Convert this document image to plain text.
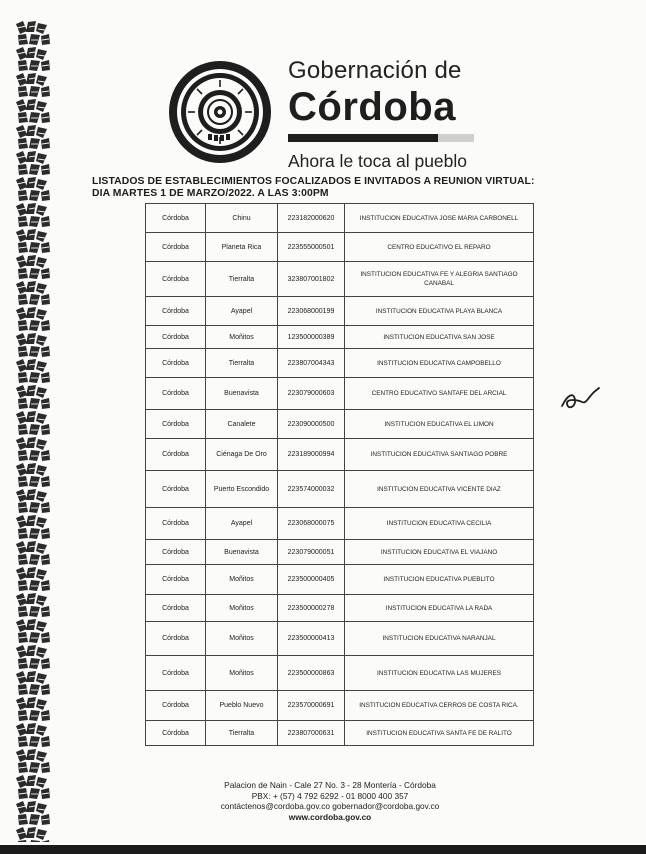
Gobernación de
Córdoba
Ahora le toca al pueblo
LISTADOS DE ESTABLECIMIENTOS FOCALIZADOS E INVITADOS A REUNION VIRTUAL:
DIA MARTES 1 DE MARZO/2022. A LAS 3:00PM
Córdoba	Chinu	223182000620	INSTITUCION EDUCATIVA JOSE MARIA CARBONELL
Córdoba	Planeta Rica	223555000501	CENTRO EDUCATIVO EL REPARO
Córdoba	Tierralta	323807001802	INSTITUCION EDUCATIVA FE Y ALEGRIA SANTIAGO CANABAL
Córdoba	Ayapel	223068000199	INSTITUCION EDUCATIVA PLAYA BLANCA
Córdoba	Moñitos	123500000389	INSTITUCION EDUCATIVA SAN JOSE
Córdoba	Tierralta	223807004343	INSTITUCION EDUCATIVA CAMPOBELLO
Córdoba	Buenavista	223079000603	CENTRO EDUCATIVO SANTAFE DEL ARCIAL
Córdoba	Canalete	223090000500	INSTITUCION EDUCATIVA EL LIMON
Córdoba	Ciénaga De Oro	223189000994	INSTITUCION EDUCATIVA SANTIAGO POBRE
Córdoba	Puerto Escondido	223574000032	INSTITUCION EDUCATIVA VICENTE DIAZ
Córdoba	Ayapel	223068000075	INSTITUCION EDUCATIVA CECILIA
Córdoba	Buenavista	223079000051	INSTITUCION EDUCATIVA EL VIAJANO
Córdoba	Moñitos	223500000405	INSTITUCION EDUCATIVA PUEBLITO
Córdoba	Moñitos	223500000278	INSTITUCION EDUCATIVA LA RADA
Córdoba	Moñitos	223500000413	INSTITUCION EDUCATIVA NARANJAL
Córdoba	Moñitos	223500000863	INSTITUCION EDUCATIVA LAS MUJERES
Córdoba	Pueblo Nuevo	223570000691	INSTITUCION EDUCATIVA CERROS DE COSTA RICA.
Córdoba	Tierralta	223807000631	INSTITUCION EDUCATIVA SANTA FE DE RALITO
Palacion de Nain - Cale 27 No. 3 - 28 Montería - Córdoba
PBX: + (57) 4 792 6292 - 01 8000 400 357
contáctenos@cordoba.gov.co gobernador@cordoba.gov.co
www.cordoba.gov.co
